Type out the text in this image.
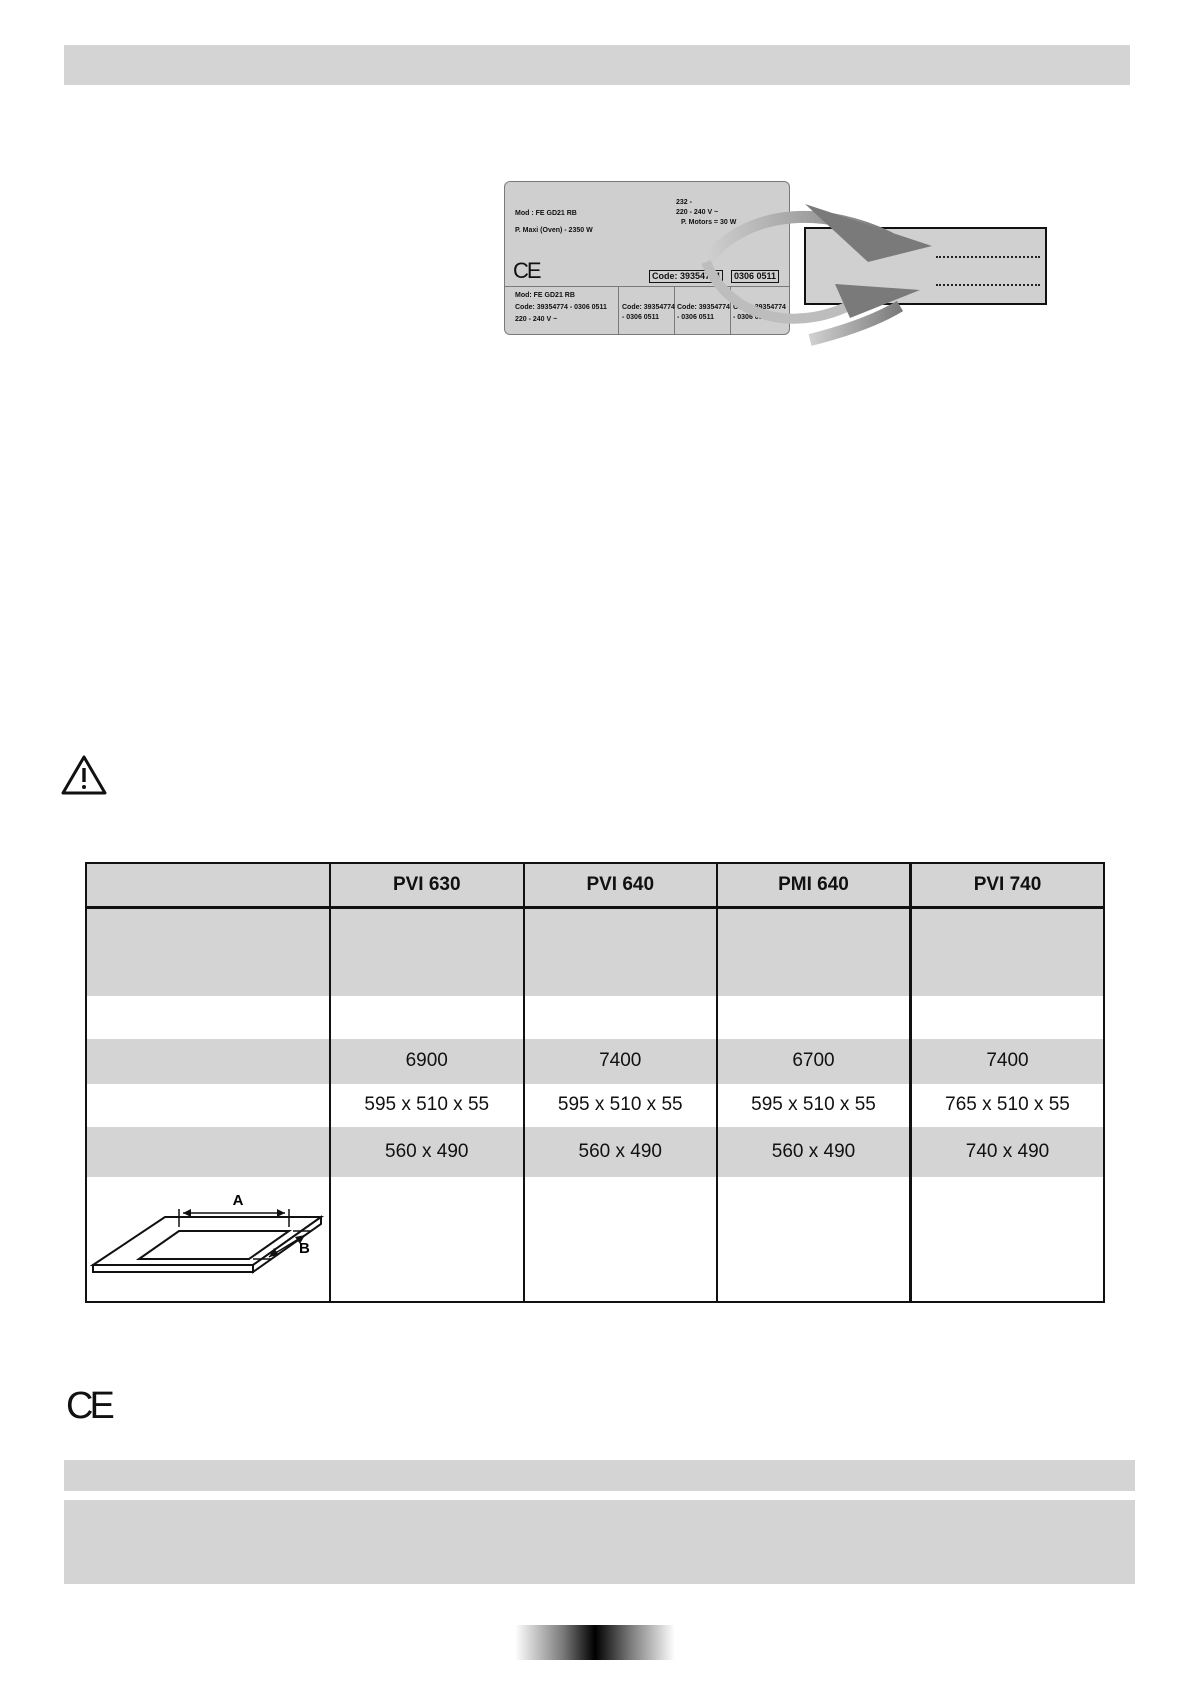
Mod : FE GD21 RB
232 -
220 - 240 V ~
P. Motors = 30 W
P. Maxi (Oven) - 2350 W
CE	Code: 39354774	0306 0511
Mod: FE GD21 RB
Code: 39354774 - 0306 0511
220 - 240 V ~
Code: 39354774
- 0306 0511
Code: 39354774
- 0306 0511
Code: 39354774
- 0306 0511
	PVI 630	PVI 640	PMI 640	PVI 740

	6900	7400	6700	7400
	595 x 510 x 55	595 x 510 x 55	595 x 510 x 55	765 x 510 x 55
	560 x 490	560 x 490	560 x 490	740 x 490

A
B				

CE
